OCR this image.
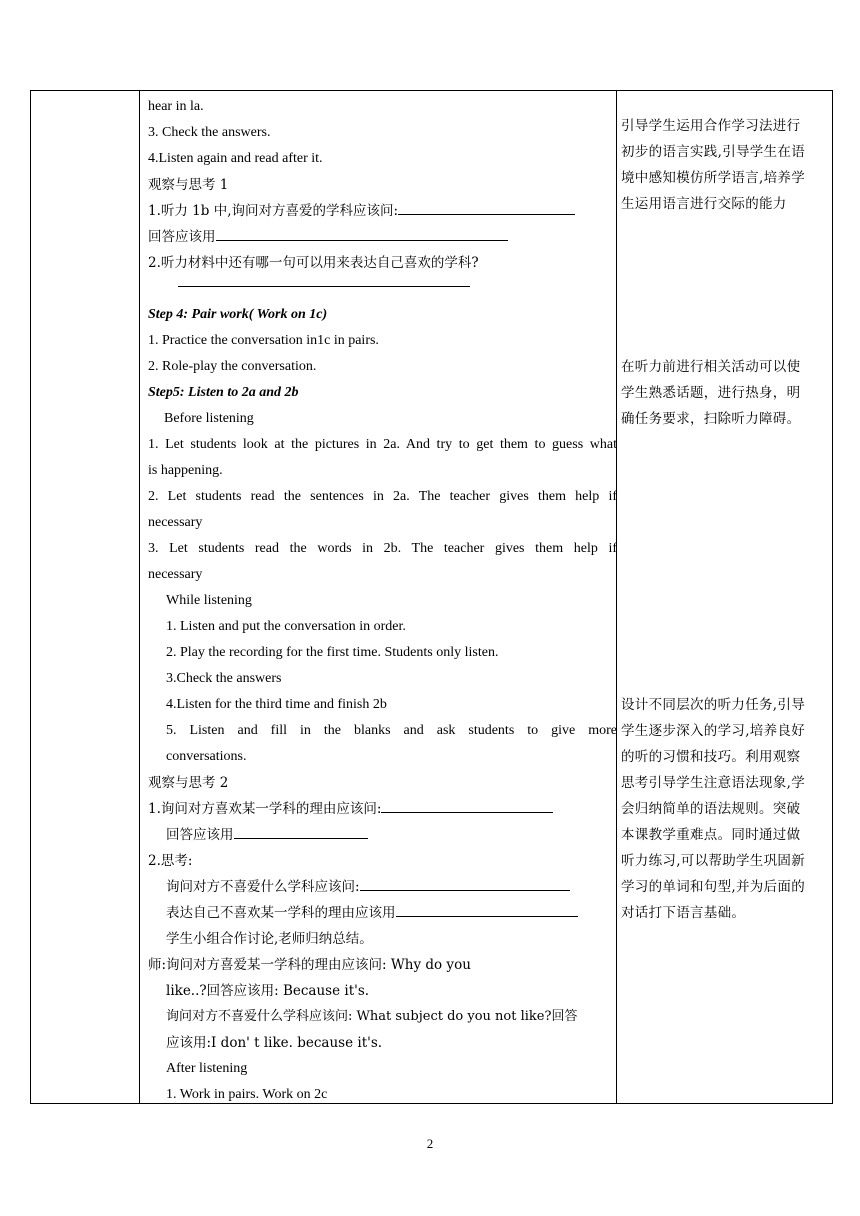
hear in la.
3. Check the answers.
4.Listen again and read after it.
观察与思考 1
1.听力 1b 中,询问对方喜爱的学科应该问:
回答应该用
2.听力材料中还有哪一句可以用来表达自己喜欢的学科?
Step 4: Pair work( Work on 1c)
1. Practice the conversation in1c in pairs.
2. Role-play the conversation.
Step5: Listen to 2a and 2b
Before listening
1. Let students look at the pictures in 2a. And try to get them to guess what
is happening.
2. Let students read the sentences in 2a. The teacher gives them help if
necessary
3. Let students read the words in 2b. The teacher gives them help if
necessary
While listening
1. Listen and put the conversation in order.
2. Play the recording for the first time. Students only listen.
3.Check the answers
4.Listen for the third time and finish 2b
5. Listen and fill in the blanks and ask students to give more
conversations.
观察与思考 2
1.询问对方喜欢某一学科的理由应该问:
回答应该用
2.思考:
询问对方不喜爱什么学科应该问:
表达自己不喜欢某一学科的理由应该用
学生小组合作讨论,老师归纳总结。
师:询问对方喜爱某一学科的理由应该问: Why do you
like..?回答应该用: Because it's.
询问对方不喜爱什么学科应该问: What subject do you not like?回答
应该用:I don' t like. because it's.
After listening
1. Work in pairs. Work on 2c
引导学生运用合作学习法进行
初步的语言实践,引导学生在语
境中感知模仿所学语言,培养学
生运用语言进行交际的能力
在听力前进行相关活动可以使
学生熟悉话题，进行热身，明
确任务要求，扫除听力障碍。
设计不同层次的听力任务,引导
学生逐步深入的学习,培养良好
的听的习惯和技巧。利用观察
思考引导学生注意语法现象,学
会归纳简单的语法规则。突破
本课教学重难点。同时通过做
听力练习,可以帮助学生巩固新
学习的单词和句型,并为后面的
对话打下语言基础。
2
